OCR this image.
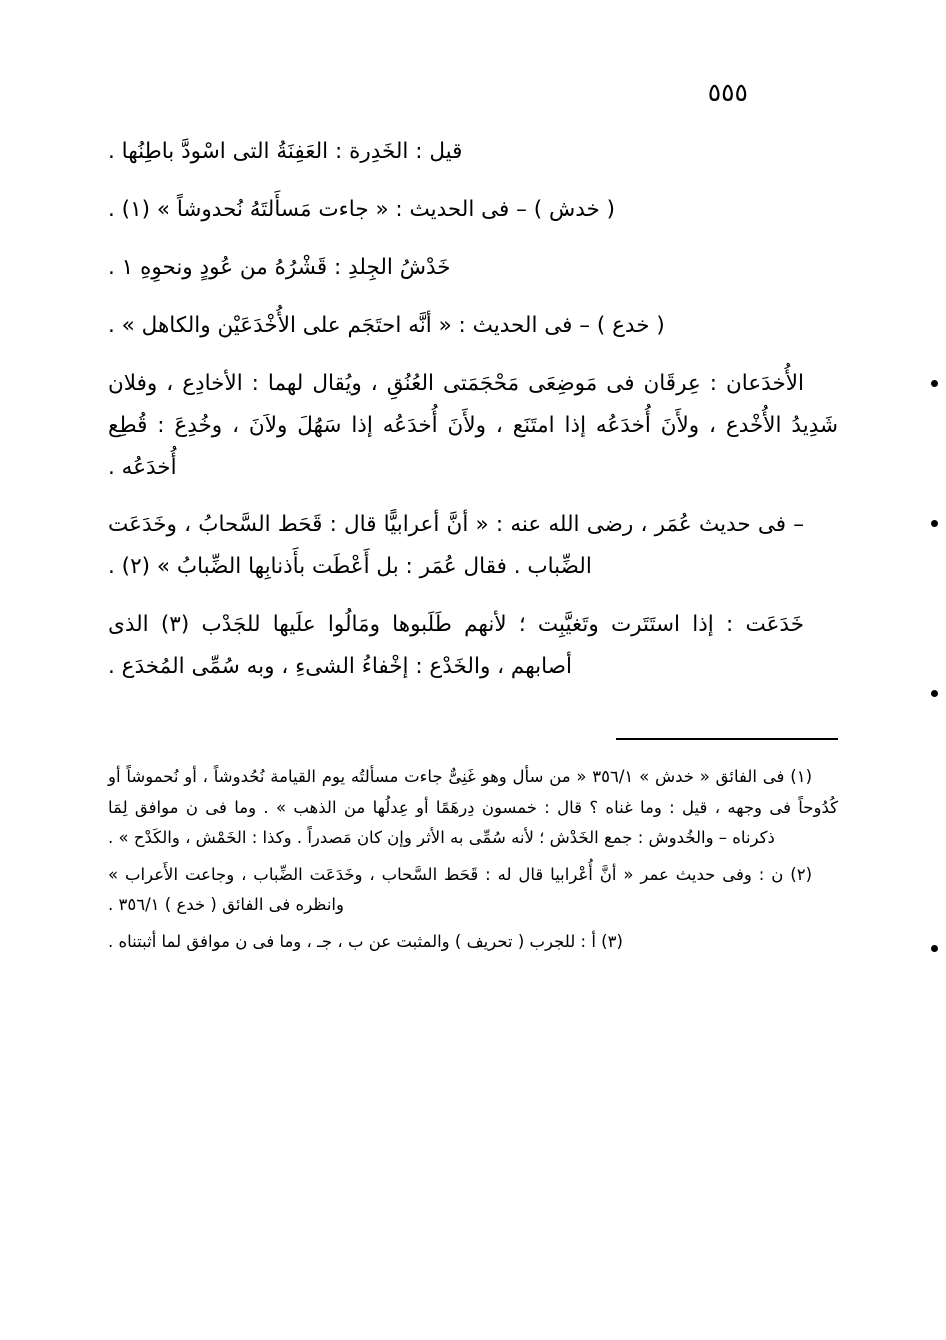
٥٥٥

قيل : الخَدِرة : العَفِنَةُ التى اسْودَّ باطِنُها .

( خدش ) – فى الحديث : « جاءت مَسأَلتَهُ نُحدوشاً » (١) .

خَدْشُ الجِلدِ : قَشْرُهُ من عُودٍ ونحوِهِ ١ .

( خدع ) – فى الحديث : « أنَّه احتَجَم على الأُخْدَعَيْن والكاهل » .

الأُخدَعان : عِرقَان فى مَوضِعَى مَحْجَمَتى العُنُقِ ، ويُقال لهما : الأخادِع ، وفلان شَدِيدُ الأُخْدع ، ولأَنَ أُخدَعُه إذا امتَنَع ، ولأَنَ أُخدَعُه إذا سَهُلَ ولاَنَ ، وخُدِعَ : قُطِع أُخدَعُه .

– فى حديث عُمَر ، رضى الله عنه : « أنَّ أعرابيًّا قال : قَحَط السَّحابُ ، وخَدَعَت الضِّباب . فقال عُمَر : بل أَعْطَت بأَذنابِها الضِّبابُ » (٢) .

خَدَعَت : إذا استَتَرت وتَغيَّبِت ؛ لأنهم طَلَبوها ومَالُوا علَيها للجَدْب (٣) الذى أصابهم ، والخَدْع : إخْفاءُ الشىءِ ، وبه سُمِّى المُخدَع .

(١) فى الفائق « خدش » ٣٥٦/١ « من سأل وهو غَنِىٌّ جاءت مسألتُه يوم القيامة نُحُدوشاً ، أو نُحموشاً أو كُدُوحاً فى وجهه ، قيل : وما غناه ؟ قال : خمسون دِرهَمًا أو عِدلُها من الذهب » . وما فى ن موافق لِمَا ذكرناه – والخُدوش : جمع الخَدْش ؛ لأنه سُمِّى به الأثر وإن كان مَصدراً . وكذا : الخَمْش ، والكَدْح » .

(٢) ن : وفى حديث عمر « أنَّ أُعْرابيا قال له : قَحَط السَّحاب ، وخَدَعَت الضِّباب ، وجاعت الأَعراب » وانظره فى الفائق ( خدع ) ٣٥٦/١ .

(٣) أ : للجرب ( تحريف ) والمثبت عن ب ، جـ ، وما فى ن موافق لما أثبتناه .
